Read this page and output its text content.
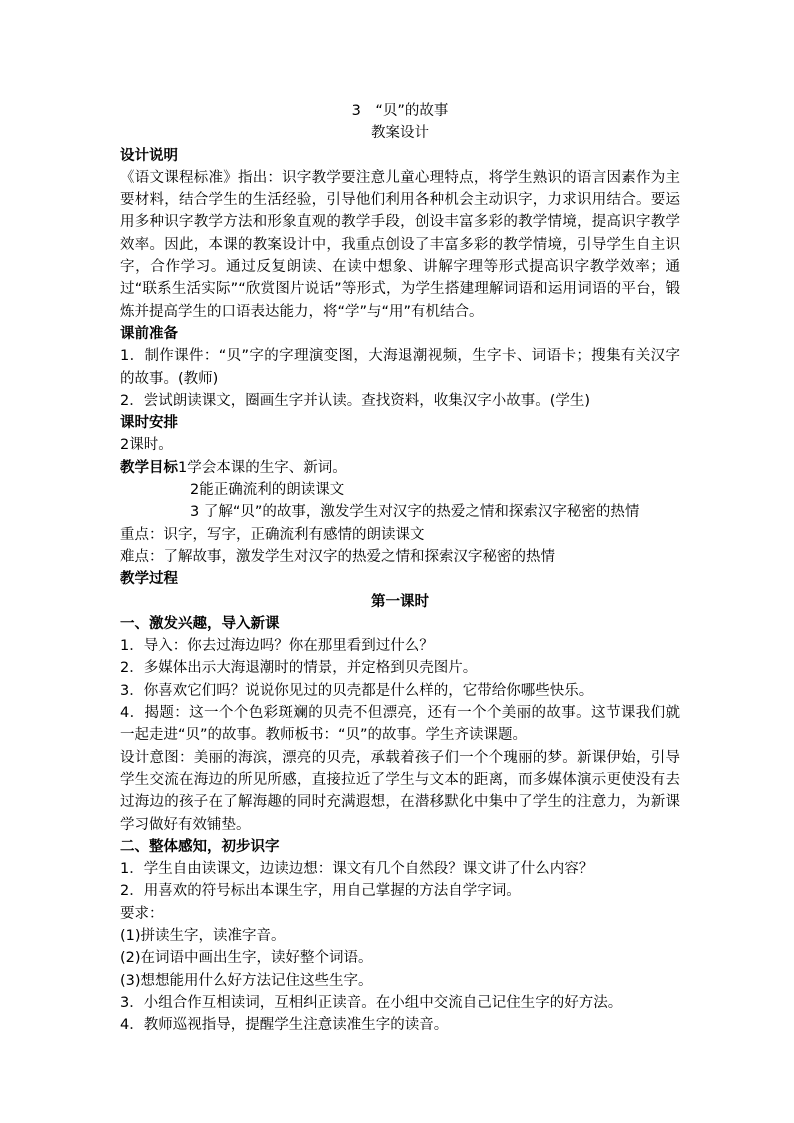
3　“贝”的故事
教案设计
设计说明
《语文课程标准》指出：识字教学要注意儿童心理特点，将学生熟识的语言因素作为主要材料，结合学生的生活经验，引导他们利用各种机会主动识字，力求识用结合。要运用多种识字教学方法和形象直观的教学手段，创设丰富多彩的教学情境，提高识字教学效率。因此，本课的教案设计中，我重点创设了丰富多彩的教学情境，引导学生自主识字，合作学习。通过反复朗读、在读中想象、讲解字理等形式提高识字教学效率；通过“联系生活实际”“欣赏图片说话”等形式，为学生搭建理解词语和运用词语的平台，锻炼并提高学生的口语表达能力，将“学”与“用”有机结合。
课前准备
1．制作课件：“贝”字的字理演变图，大海退潮视频，生字卡、词语卡；搜集有关汉字的故事。(教师)
2．尝试朗读课文，圈画生字并认读。查找资料，收集汉字小故事。(学生)
课时安排
2课时。
教学目标1学会本课的生字、新词。
2能正确流利的朗读课文
3 了解“贝”的故事，激发学生对汉字的热爱之情和探索汉字秘密的热情
重点：识字，写字，正确流利有感情的朗读课文
难点：了解故事，激发学生对汉字的热爱之情和探索汉字秘密的热情
教学过程
第一课时
一、激发兴趣，导入新课
1．导入：你去过海边吗？你在那里看到过什么？
2．多媒体出示大海退潮时的情景，并定格到贝壳图片。
3．你喜欢它们吗？说说你见过的贝壳都是什么样的，它带给你哪些快乐。
4．揭题：这一个个色彩斑斓的贝壳不但漂亮，还有一个个美丽的故事。这节课我们就一起走进“贝”的故事。教师板书：“贝”的故事。学生齐读课题。
设计意图：美丽的海滨，漂亮的贝壳，承载着孩子们一个个瑰丽的梦。新课伊始，引导学生交流在海边的所见所感，直接拉近了学生与文本的距离，而多媒体演示更使没有去过海边的孩子在了解海趣的同时充满遐想，在潜移默化中集中了学生的注意力，为新课学习做好有效铺垫。
二、整体感知，初步识字
1．学生自由读课文，边读边想：课文有几个自然段？课文讲了什么内容？
2．用喜欢的符号标出本课生字，用自己掌握的方法自学字词。
要求：
(1)拼读生字，读准字音。
(2)在词语中画出生字，读好整个词语。
(3)想想能用什么好方法记住这些生字。
3．小组合作互相读词，互相纠正读音。在小组中交流自己记住生字的好方法。
4．教师巡视指导，提醒学生注意读准生字的读音。
